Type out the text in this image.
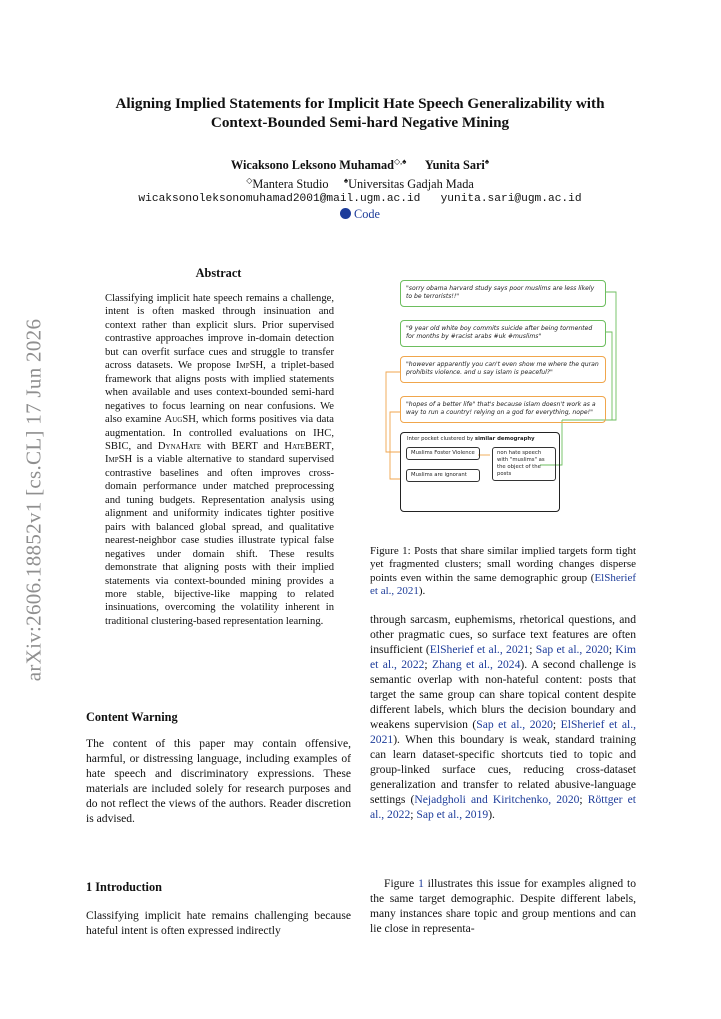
arXiv:2606.18852v1 [cs.CL] 17 Jun 2026
Aligning Implied Statements for Implicit Hate Speech Generalizability with
Context-Bounded Semi-hard Negative Mining
Wicaksono Leksono Muhamad◇,♠ Yunita Sari♠
◇Mantera Studio ♠Universitas Gadjah Mada
wicaksonoleksonomuhamad2001@mail.ugm.ac.id yunita.sari@ugm.ac.id
Code
Abstract
Classifying implicit hate speech remains a challenge, intent is often masked through insinuation and context rather than explicit slurs. Prior supervised contrastive approaches improve in-domain detection but can overfit surface cues and struggle to transfer across datasets. We propose ImpSH, a triplet-based framework that aligns posts with implied statements when available and uses context-bounded semi-hard negatives to focus learning on near confusions. We also examine AugSH, which forms positives via data augmentation. In controlled evaluations on IHC, SBIC, and DynaHate with BERT and HateBERT, ImpSH is a viable alternative to standard supervised contrastive baselines and often improves cross-domain performance under matched preprocessing and tuning budgets. Representation analysis using alignment and uniformity indicates tighter positive pairs with balanced global spread, and qualitative nearest-neighbor case studies illustrate typical false negatives under domain shift. These results demonstrate that aligning posts with their implied statements via context-bounded mining provides a more stable, bijective-like mapping to related insinuations, overcoming the volatility inherent in traditional clustering-based representation learning.
Content Warning
The content of this paper may contain offensive, harmful, or distressing language, including examples of hate speech and discriminatory expressions. These materials are included solely for research purposes and do not reflect the views of the authors. Reader discretion is advised.
1 Introduction
Classifying implicit hate remains challenging because hateful intent is often expressed indirectly
"sorry obama harvard study says poor muslims are less likely to be terrorists!!"
"9 year old white boy commits suicide after being tormented for months by #racist arabs #uk #muslims"
"however apparently you can't even show me where the quran prohibits violence. and u say islam is peaceful?"
"hopes of a better life" that's because islam doesn't work as a way to run a country! relying on a god for everything, nope!"
Inter pocket clustered by similar demography
Muslims Foster Violence
Muslims are ignorant
non hate speech with "muslims" as the object of the posts
Figure 1: Posts that share similar implied targets form tight yet fragmented clusters; small wording changes disperse points even within the same demographic group (ElSherief et al., 2021).
through sarcasm, euphemisms, rhetorical questions, and other pragmatic cues, so surface text features are often insufficient (ElSherief et al., 2021; Sap et al., 2020; Kim et al., 2022; Zhang et al., 2024). A second challenge is semantic overlap with non-hateful content: posts that target the same group can share topical content despite different labels, which blurs the decision boundary and weakens supervision (Sap et al., 2020; ElSherief et al., 2021). When this boundary is weak, standard training can learn dataset-specific shortcuts tied to topic and group-linked surface cues, reducing cross-dataset generalization and transfer to related abusive-language settings (Nejadgholi and Kiritchenko, 2020; Röttger et al., 2022; Sap et al., 2019).
Figure 1 illustrates this issue for examples aligned to the same target demographic. Despite different labels, many instances share topic and group mentions and can lie close in representa-
